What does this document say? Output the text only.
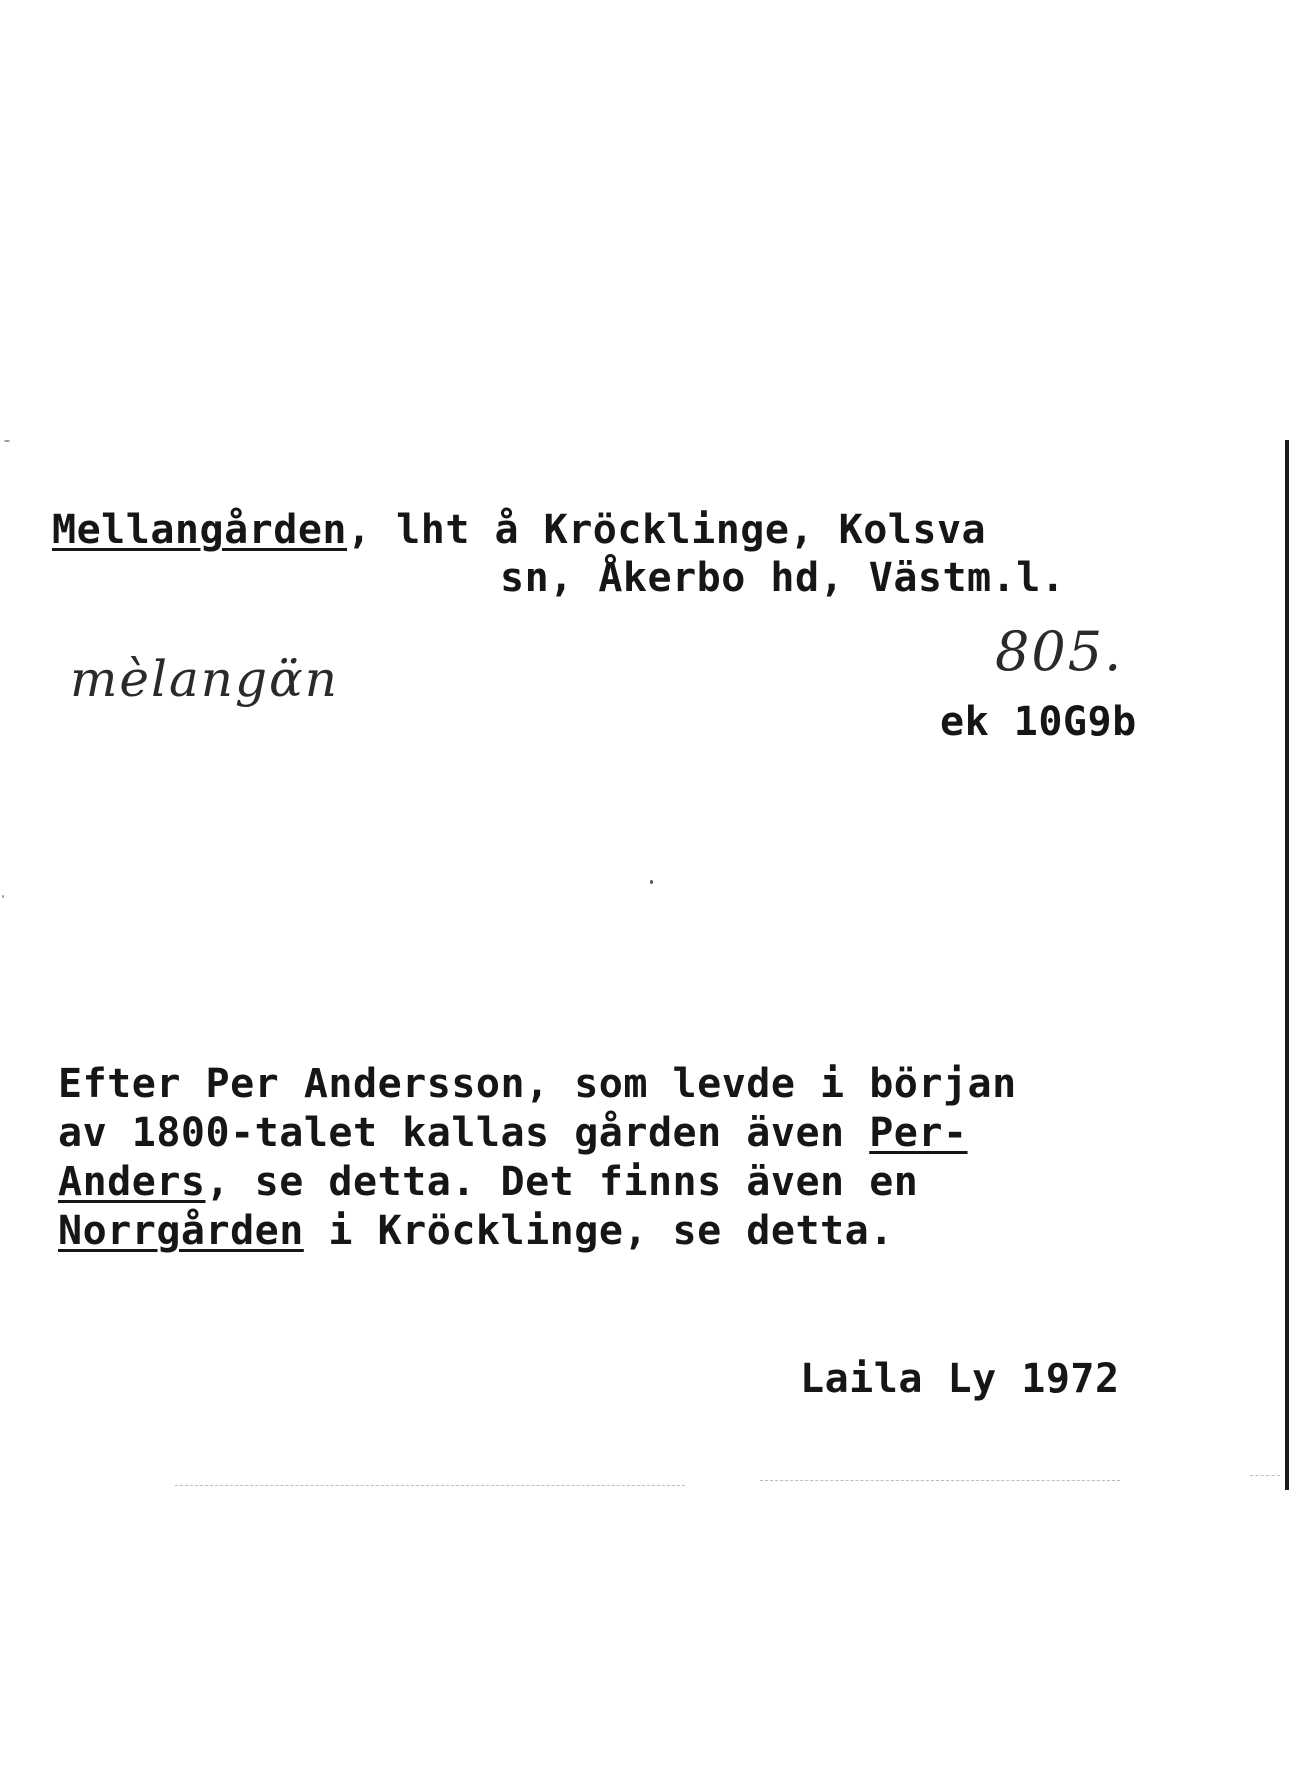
Mellangården, lht å Kröcklinge, Kolsva
sn, Åkerbo hd, Västm.l.
mèlangɑ̈n	805.
ek 10G9b
Efter Per Andersson, som levde i början
av 1800-talet kallas gården även Per-
Anders, se detta. Det finns även en
Norrgården i Kröcklinge, se detta.
Laila Ly 1972
